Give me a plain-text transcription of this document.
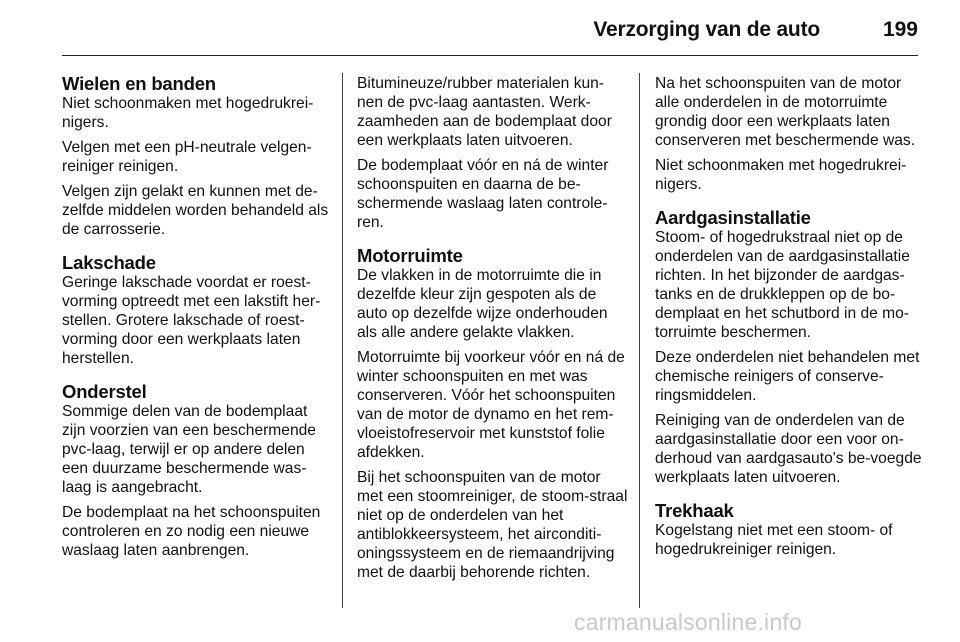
Verzorging van de auto	199
Wielen en banden

Niet schoonmaken met hogedrukrei-nigers.

Velgen met een pH-neutrale velgen-reiniger reinigen.

Velgen zijn gelakt en kunnen met de-zelfde middelen worden behandeld als de carrosserie.

Lakschade

Geringe lakschade voordat er roest-vorming optreedt met een lakstift her-stellen. Grotere lakschade of roest-vorming door een werkplaats laten herstellen.

Onderstel

Sommige delen van de bodemplaat zijn voorzien van een beschermende pvc-laag, terwijl er op andere delen een duurzame beschermende was-laag is aangebracht.

De bodemplaat na het schoonspuiten controleren en zo nodig een nieuwe waslaag laten aanbrengen.

Bitumineuze/rubber materialen kun-nen de pvc-laag aantasten. Werk-zaamheden aan de bodemplaat door een werkplaats laten uitvoeren.

De bodemplaat vóór en ná de winter schoonspuiten en daarna de be-schermende waslaag laten controle-ren.

Motorruimte

De vlakken in de motorruimte die in dezelfde kleur zijn gespoten als de auto op dezelfde wijze onderhouden als alle andere gelakte vlakken.

Motorruimte bij voorkeur vóór en ná de winter schoonspuiten en met was conserveren. Vóór het schoonspuiten van de motor de dynamo en het rem-vloeistofreservoir met kunststof folie afdekken.

Bij het schoonspuiten van de motor met een stoomreiniger, de stoom-straal niet op de onderdelen van het antiblokkeersysteem, het airconditi-oningssysteem en de riemaandrijving met de daarbij behorende richten.

Na het schoonspuiten van de motor alle onderdelen in de motorruimte grondig door een werkplaats laten conserveren met beschermende was.

Niet schoonmaken met hogedrukrei-nigers.

Aardgasinstallatie

Stoom- of hogedrukstraal niet op de onderdelen van de aardgasinstallatie richten. In het bijzonder de aardgas-tanks en de drukkleppen op de bo-demplaat en het schutbord in de mo-torruimte beschermen.

Deze onderdelen niet behandelen met chemische reinigers of conserve-ringsmiddelen.

Reiniging van de onderdelen van de aardgasinstallatie door een voor on-derhoud van aardgasauto's be-voegde werkplaats laten uitvoeren.

Trekhaak

Kogelstang niet met een stoom- of hogedrukreiniger reinigen.

carmanualsonline.info
